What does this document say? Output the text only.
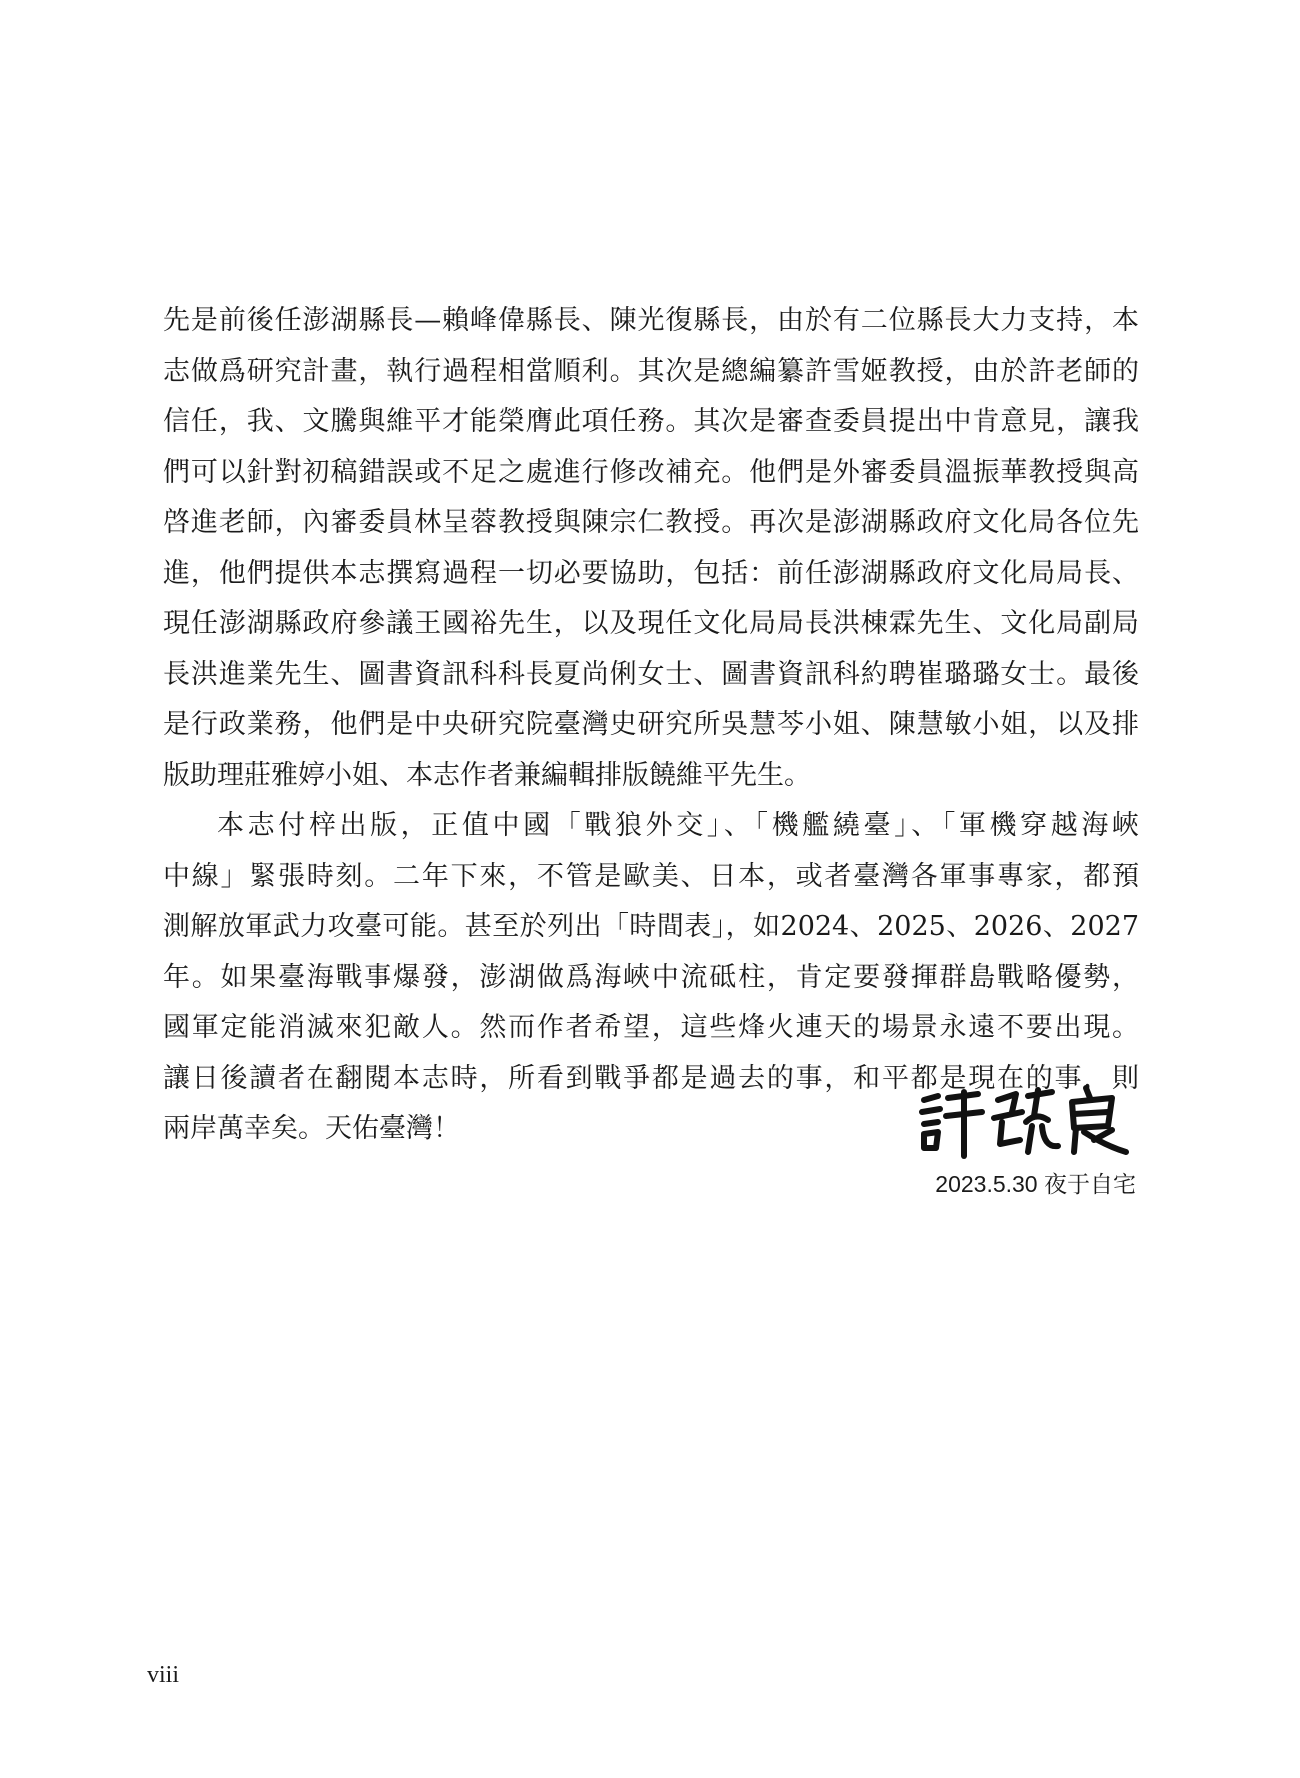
先是前後任澎湖縣長—賴峰偉縣長、陳光復縣長，由於有二位縣長大力支持，本
志做爲研究計畫，執行過程相當順利。其次是總編纂許雪姬教授，由於許老師的
信任，我、文騰與維平才能榮膺此項任務。其次是審查委員提出中肯意見，讓我
們可以針對初稿錯誤或不足之處進行修改補充。他們是外審委員溫振華教授與高
啓進老師，內審委員林呈蓉教授與陳宗仁教授。再次是澎湖縣政府文化局各位先
進，他們提供本志撰寫過程一切必要協助，包括：前任澎湖縣政府文化局局長、
現任澎湖縣政府參議王國裕先生，以及現任文化局局長洪棟霖先生、文化局副局
長洪進業先生、圖書資訊科科長夏尚俐女士、圖書資訊科約聘崔璐璐女士。最後
是行政業務，他們是中央研究院臺灣史研究所吳慧芩小姐、陳慧敏小姐，以及排
版助理莊雅婷小姐、本志作者兼編輯排版饒維平先生。
本志付梓出版，正值中國「戰狼外交」、「機艦繞臺」、「軍機穿越海峽
中線」緊張時刻。二年下來，不管是歐美、日本，或者臺灣各軍事專家，都預
測解放軍武力攻臺可能。甚至於列出「時間表」，如2024、2025、2026、2027
年。如果臺海戰事爆發，澎湖做爲海峽中流砥柱，肯定要發揮群島戰略優勢，
國軍定能消滅來犯敵人。然而作者希望，這些烽火連天的場景永遠不要出現。
讓日後讀者在翻閱本志時，所看到戰爭都是過去的事，和平都是現在的事，則
兩岸萬幸矣。天佑臺灣！
2023.5.30 夜于自宅
viii
